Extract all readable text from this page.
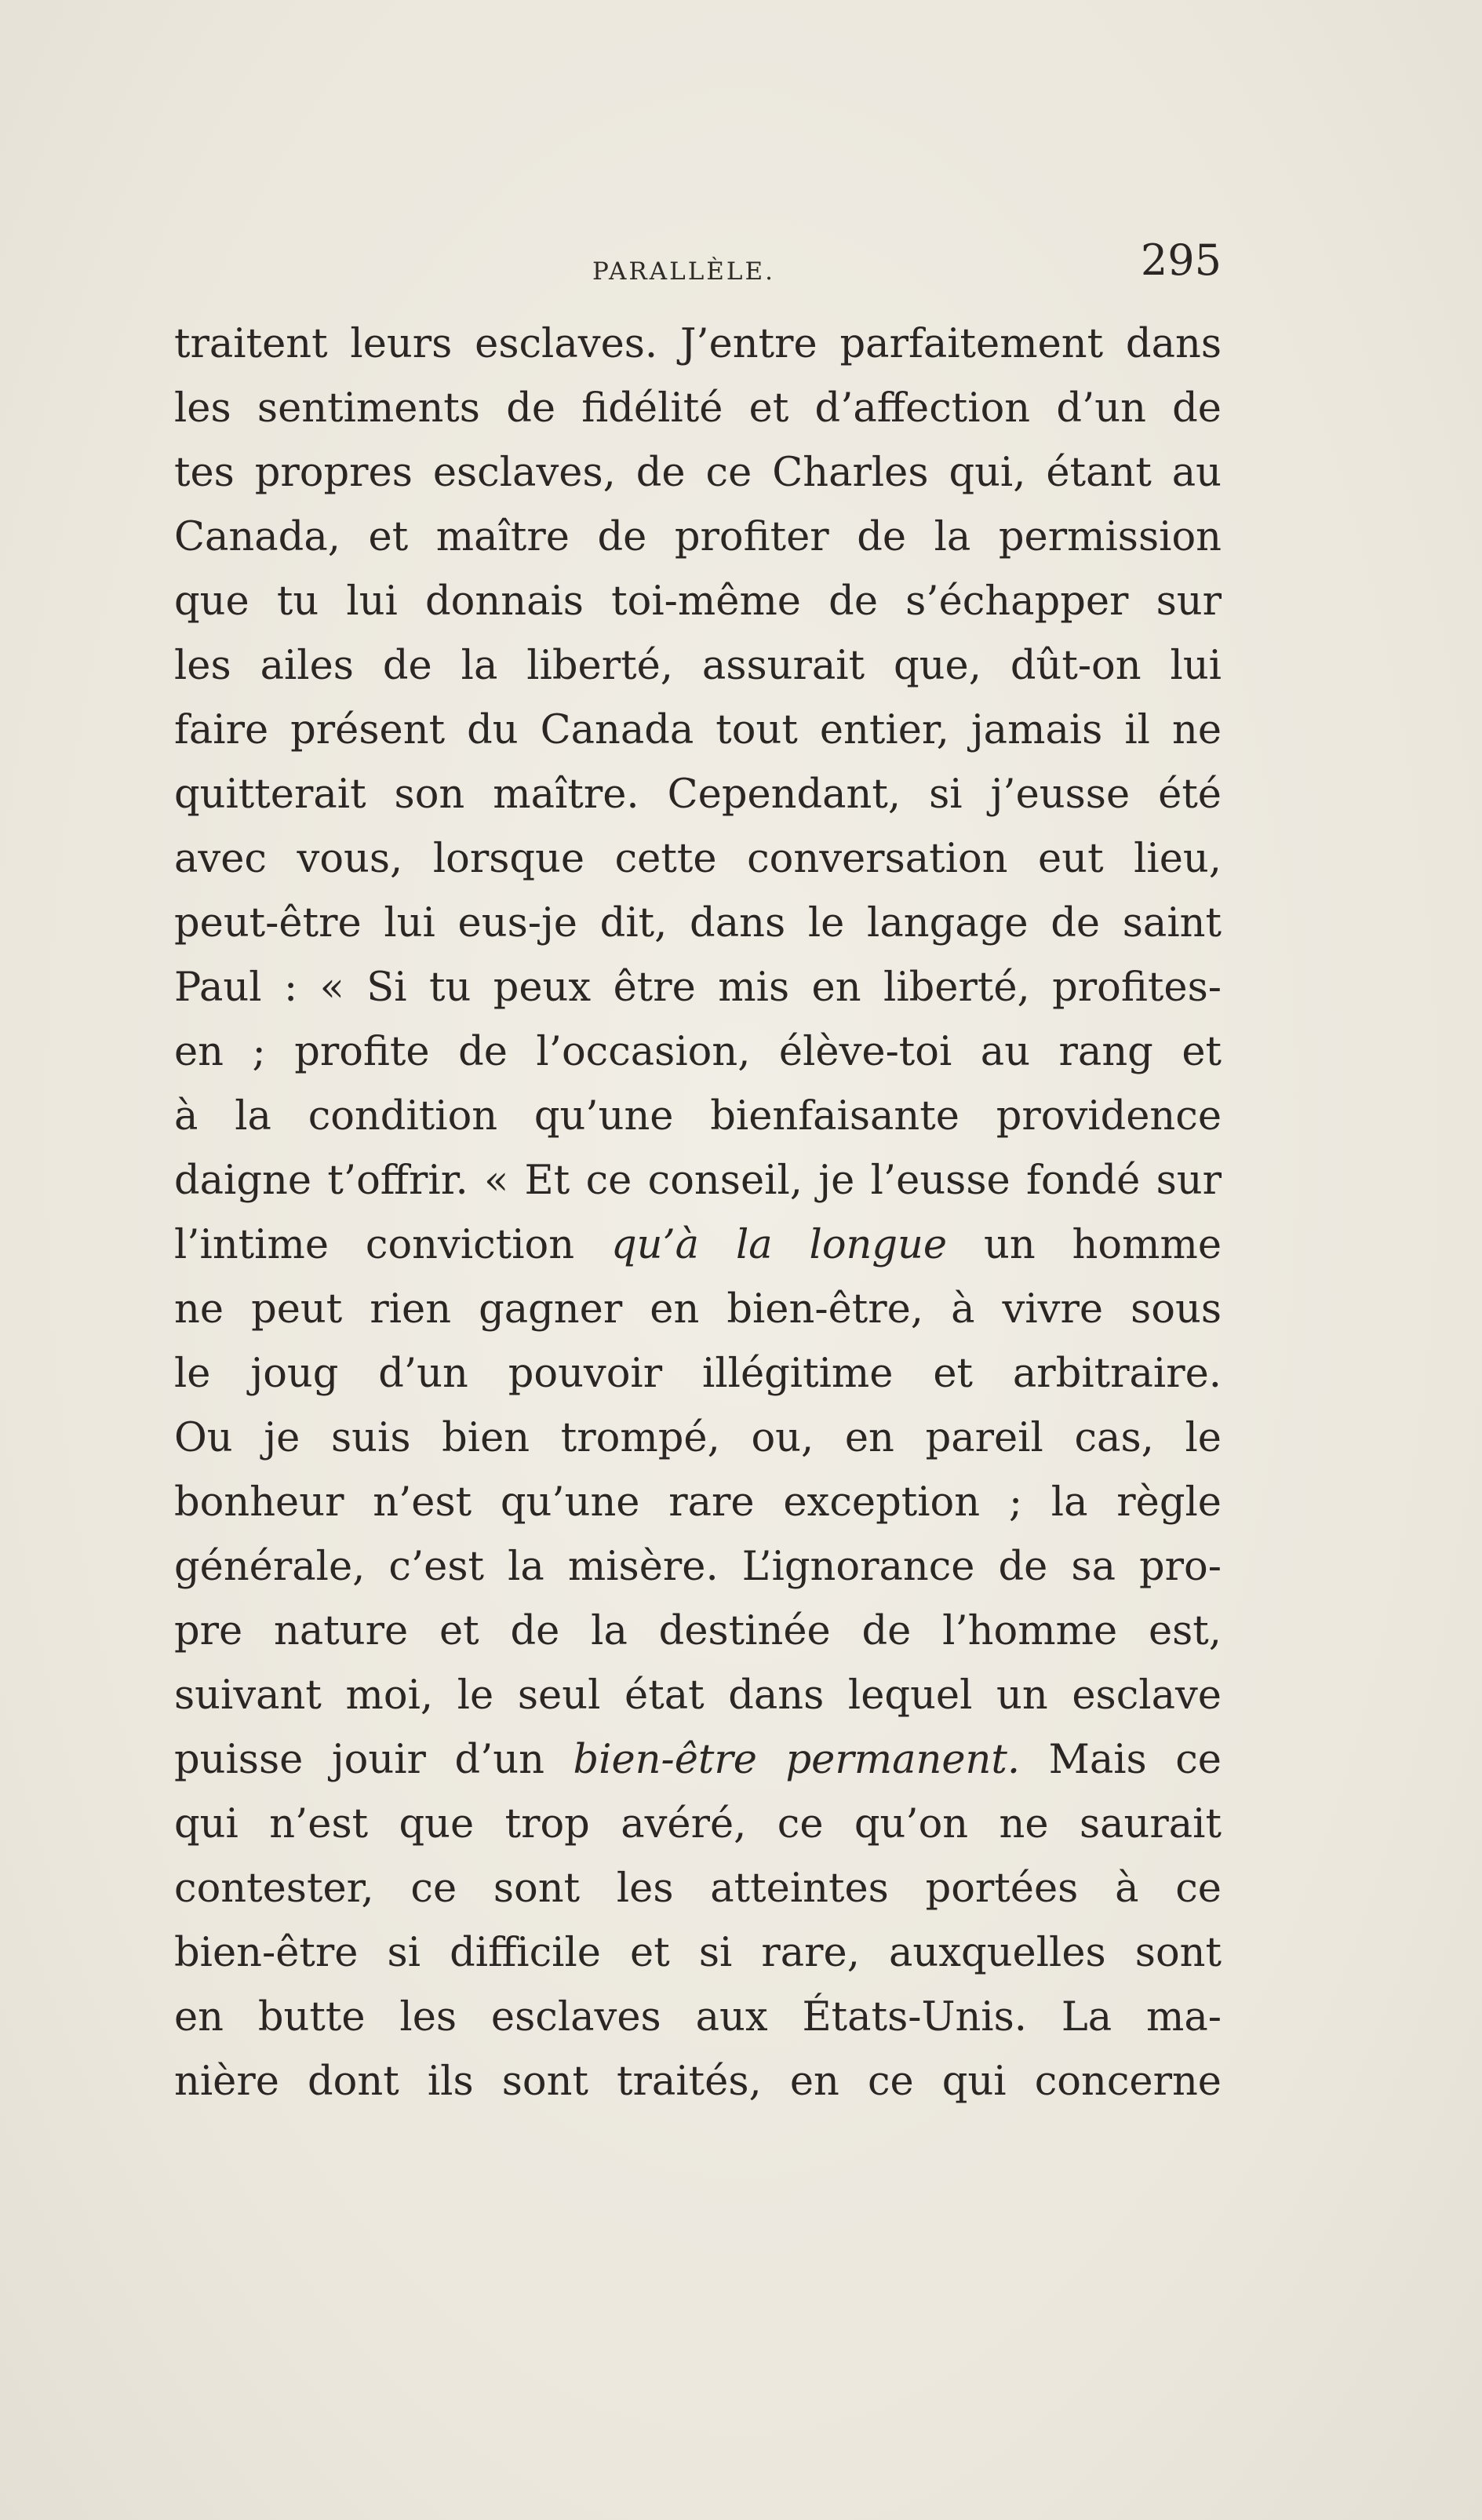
PARALLÈLE.	295
traitent leurs esclaves. J’entre parfaitement dans
les sentiments de fidélité et d’affection d’un de
tes propres esclaves, de ce Charles qui, étant au
Canada, et maître de profiter de la permission
que tu lui donnais toi-même de s’échapper sur
les ailes de la liberté, assurait que, dût-on lui
faire présent du Canada tout entier, jamais il ne
quitterait son maître. Cependant, si j’eusse été
avec vous, lorsque cette conversation eut lieu,
peut-être lui eus-je dit, dans le langage de saint
Paul : « Si tu peux être mis en liberté, profites-
en ; profite de l’occasion, élève-toi au rang et
à la condition qu’une bienfaisante providence
daigne t’offrir. « Et ce conseil, je l’eusse fondé sur
l’intime conviction qu’à la longue un homme
ne peut rien gagner en bien-être, à vivre sous
le joug d’un pouvoir illégitime et arbitraire.
Ou je suis bien trompé, ou, en pareil cas, le
bonheur n’est qu’une rare exception ; la règle
générale, c’est la misère. L’ignorance de sa pro-
pre nature et de la destinée de l’homme est,
suivant moi, le seul état dans lequel un esclave
puisse jouir d’un bien-être permanent. Mais ce
qui n’est que trop avéré, ce qu’on ne saurait
contester, ce sont les atteintes portées à ce
bien-être si difficile et si rare, auxquelles sont
en butte les esclaves aux États-Unis. La ma-
nière dont ils sont traités, en ce qui concerne
